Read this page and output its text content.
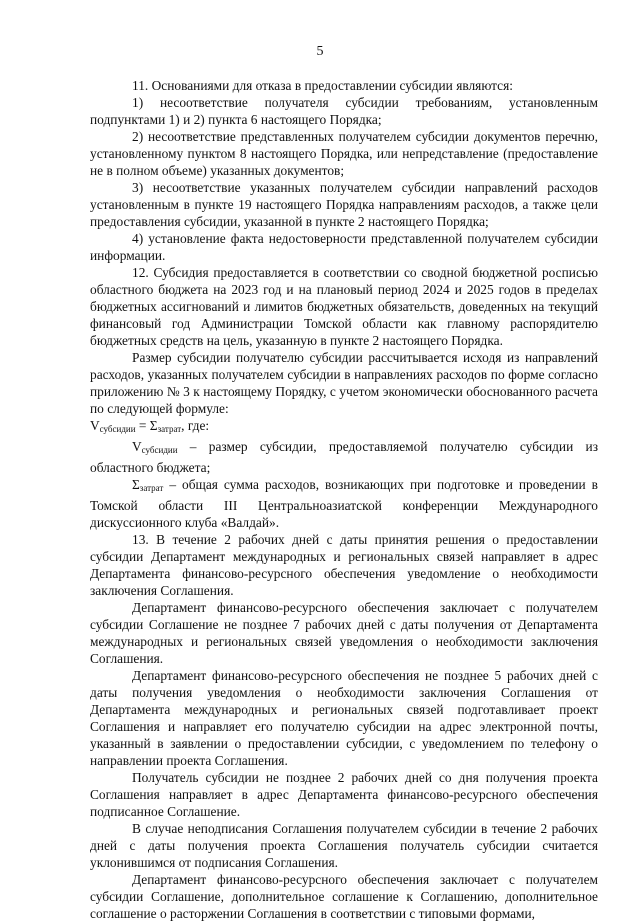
5

11. Основаниями для отказа в предоставлении субсидии являются:

1) несоответствие получателя субсидии требованиям, установленным подпунктами 1) и 2) пункта 6 настоящего Порядка;

2) несоответствие представленных получателем субсидии документов перечню, установленному пунктом 8 настоящего Порядка, или непредставление (предоставление не в полном объеме) указанных документов;

3) несоответствие указанных получателем субсидии направлений расходов установленным в пункте 19 настоящего Порядка направлениям расходов, а также цели предоставления субсидии, указанной в пункте 2 настоящего Порядка;

4) установление факта недостоверности представленной получателем субсидии информации.

12. Субсидия предоставляется в соответствии со сводной бюджетной росписью областного бюджета на 2023 год и на плановый период 2024 и 2025 годов в пределах бюджетных ассигнований и лимитов бюджетных обязательств, доведенных на текущий финансовый год Администрации Томской области как главному распорядителю бюджетных средств на цель, указанную в пункте 2 настоящего Порядка.

Размер субсидии получателю субсидии рассчитывается исходя из направлений расходов, указанных получателем субсидии в направлениях расходов по форме согласно приложению № 3 к настоящему Порядку, с учетом экономически обоснованного расчета по следующей формуле:

$V_{субсидии} = \Sigma_{затрат}$, где:

$V_{субсидии}$ – размер субсидии, предоставляемой получателю субсидии из областного бюджета;

$\Sigma_{затрат}$ – общая сумма расходов, возникающих при подготовке и проведении в Томской области III Центральноазиатской конференции Международного дискуссионного клуба «Валдай».

13. В течение 2 рабочих дней с даты принятия решения о предоставлении субсидии Департамент международных и региональных связей направляет в адрес Департамента финансово-ресурсного обеспечения уведомление о необходимости заключения Соглашения.

Департамент финансово-ресурсного обеспечения заключает с получателем субсидии Соглашение не позднее 7 рабочих дней с даты получения от Департамента международных и региональных связей уведомления о необходимости заключения Соглашения.

Департамент финансово-ресурсного обеспечения не позднее 5 рабочих дней с даты получения уведомления о необходимости заключения Соглашения от Департамента международных и региональных связей подготавливает проект Соглашения и направляет его получателю субсидии на адрес электронной почты, указанный в заявлении о предоставлении субсидии, с уведомлением по телефону о направлении проекта Соглашения.

Получатель субсидии не позднее 2 рабочих дней со дня получения проекта Соглашения направляет в адрес Департамента финансово-ресурсного обеспечения подписанное Соглашение.

В случае неподписания Соглашения получателем субсидии в течение 2 рабочих дней с даты получения проекта Соглашения получатель субсидии считается уклонившимся от подписания Соглашения.

Департамент финансово-ресурсного обеспечения заключает с получателем субсидии Соглашение, дополнительное соглашение к Соглашению, дополнительное соглашение о расторжении Соглашения в соответствии с типовыми формами,
